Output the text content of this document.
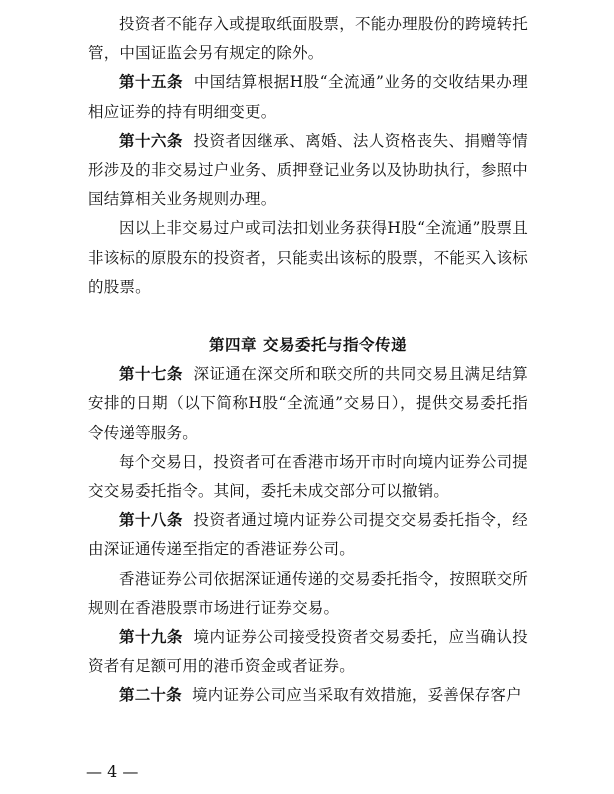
投资者不能存入或提取纸面股票，不能办理股份的跨境转托管，中国证监会另有规定的除外。

第十五条 中国结算根据H股“全流通”业务的交收结果办理相应证券的持有明细变更。

第十六条 投资者因继承、离婚、法人资格丧失、捐赠等情形涉及的非交易过户业务、质押登记业务以及协助执行，参照中国结算相关业务规则办理。

因以上非交易过户或司法扣划业务获得H股“全流通”股票且非该标的原股东的投资者，只能卖出该标的股票，不能买入该标的股票。

第四章 交易委托与指令传递

第十七条 深证通在深交所和联交所的共同交易且满足结算安排的日期（以下简称H股“全流通”交易日），提供交易委托指令传递等服务。

每个交易日，投资者可在香港市场开市时向境内证券公司提交交易委托指令。其间，委托未成交部分可以撤销。

第十八条 投资者通过境内证券公司提交交易委托指令，经由深证通传递至指定的香港证券公司。

香港证券公司依据深证通传递的交易委托指令，按照联交所规则在香港股票市场进行证券交易。

第十九条 境内证券公司接受投资者交易委托，应当确认投资者有足额可用的港币资金或者证券。

第二十条 境内证券公司应当采取有效措施，妥善保存客户

— 4 —
